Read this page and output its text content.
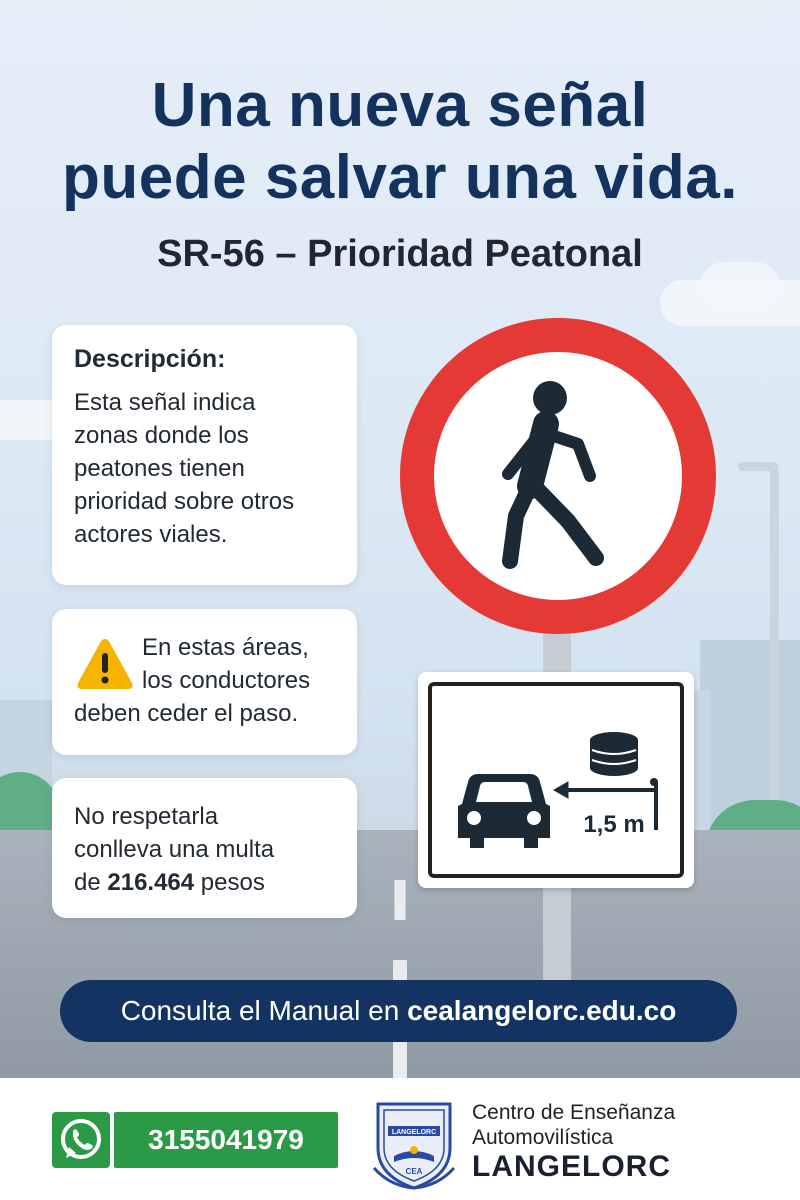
Una nueva señal
puede salvar una vida.
SR-56 – Prioridad Peatonal
Descripción:
Esta señal indica
zonas donde los
peatones tienen
prioridad sobre otros
actores viales.
En estas áreas,
los conductores
deben ceder el paso.
No respetarla
conlleva una multa
de 216.464 pesos
1,5 m
Consulta el Manual en cealangelorc.edu.co
3155041979	LANGELORC
CEA
Centro de Enseñanza
Automovilística
LANGELORC
